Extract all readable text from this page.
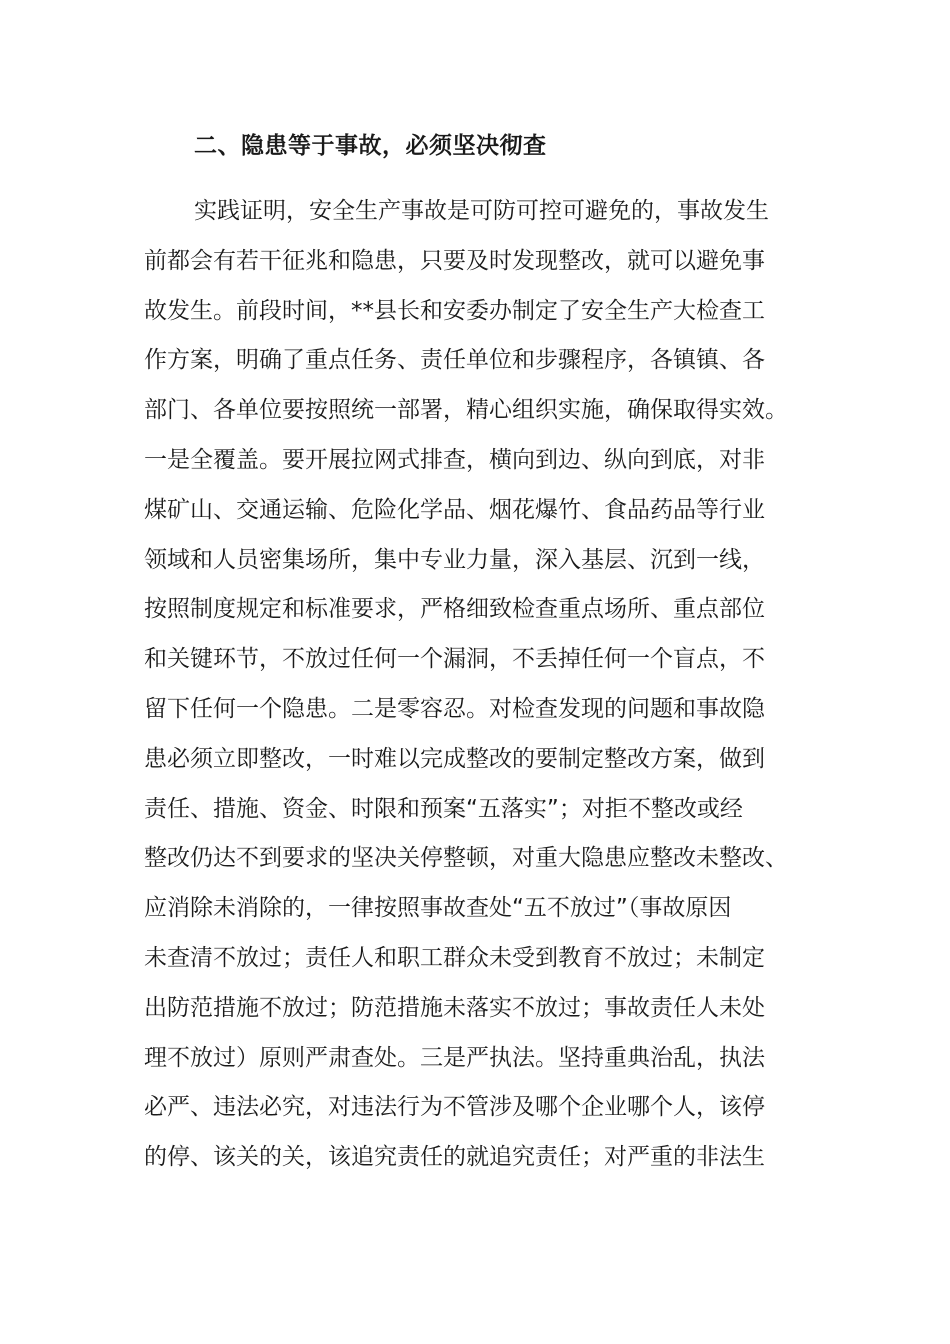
二、隐患等于事故，必须坚决彻查
实践证明，安全生产事故是可防可控可避免的，事故发生
前都会有若干征兆和隐患，只要及时发现整改，就可以避免事
故发生。前段时间，**县长和安委办制定了安全生产大检查工
作方案，明确了重点任务、责任单位和步骤程序，各镇镇、各
部门、各单位要按照统一部署，精心组织实施，确保取得实效。
一是全覆盖。要开展拉网式排查，横向到边、纵向到底，对非
煤矿山、交通运输、危险化学品、烟花爆竹、食品药品等行业
领域和人员密集场所，集中专业力量，深入基层、沉到一线，
按照制度规定和标准要求，严格细致检查重点场所、重点部位
和关键环节，不放过任何一个漏洞，不丢掉任何一个盲点，不
留下任何一个隐患。二是零容忍。对检查发现的问题和事故隐
患必须立即整改，一时难以完成整改的要制定整改方案，做到
责任、措施、资金、时限和预案“五落实”；对拒不整改或经
整改仍达不到要求的坚决关停整顿，对重大隐患应整改未整改、
应消除未消除的，一律按照事故查处“五不放过”（事故原因
未查清不放过；责任人和职工群众未受到教育不放过；未制定
出防范措施不放过；防范措施未落实不放过；事故责任人未处
理不放过）原则严肃查处。三是严执法。坚持重典治乱，执法
必严、违法必究，对违法行为不管涉及哪个企业哪个人，该停
的停、该关的关，该追究责任的就追究责任；对严重的非法生
